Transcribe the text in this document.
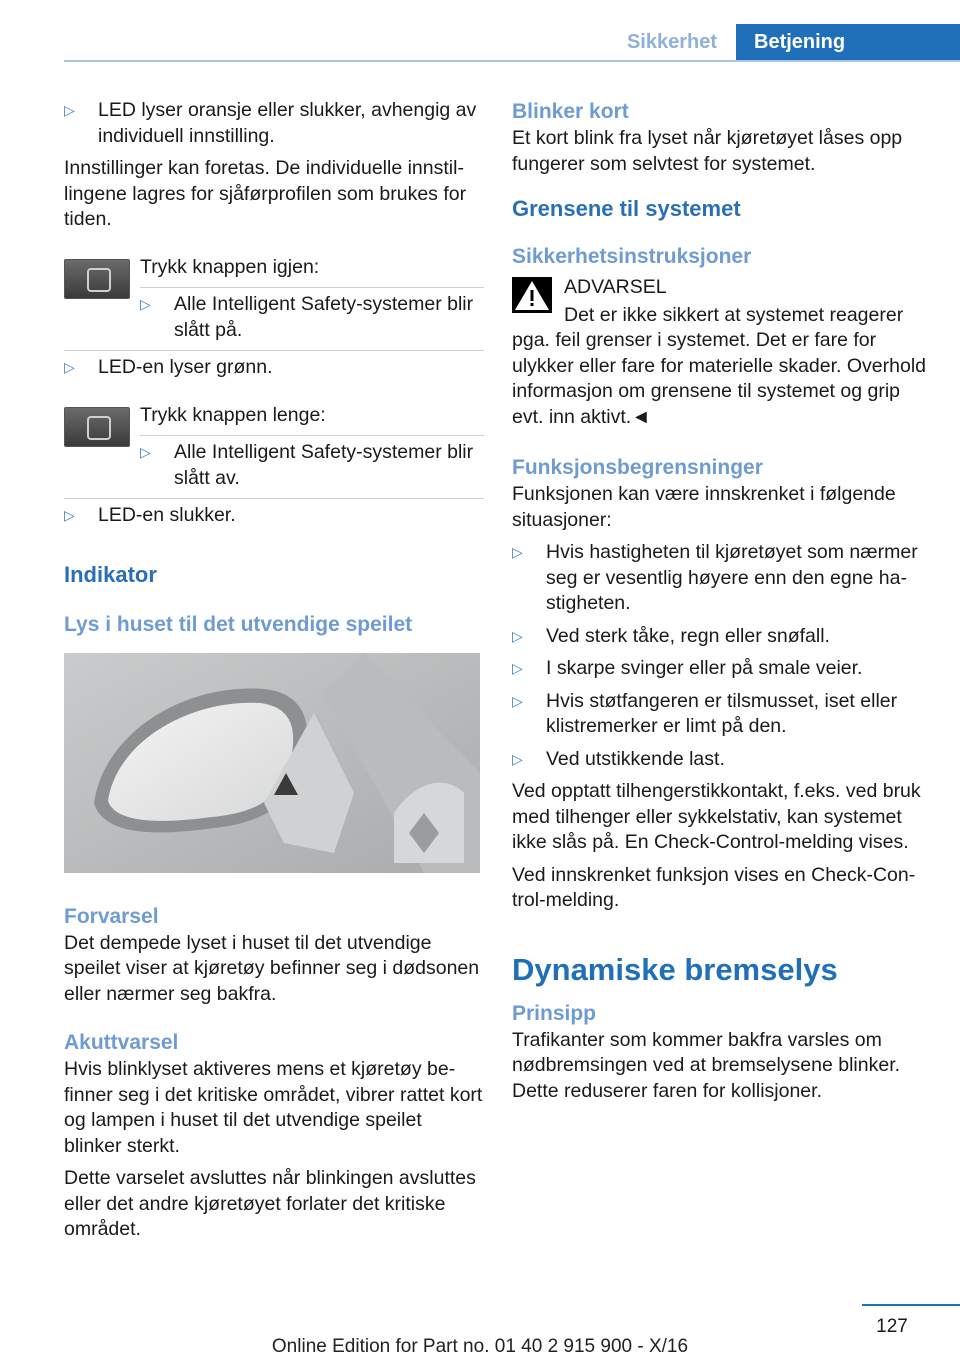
Sikkerhet	Betjening
▷ LED lyser oransje eller slukker, avhengig av individuell innstilling.

Innstillinger kan foretas. De individuelle innstillingene lagres for sjåførprofilen som brukes for tiden.

Trykk knappen igjen:

▷ Alle Intelligent Safety-systemer blir slått på.
▷ LED-en lyser grønn.

Trykk knappen lenge:

▷ Alle Intelligent Safety-systemer blir slått av.
▷ LED-en slukker.
Indikator
Lys i huset til det utvendige speilet
Forvarsel

Det dempede lyset i huset til det utvendige speilet viser at kjøretøy befinner seg i dødsonen eller nærmer seg bakfra.

Akuttvarsel

Hvis blinklyset aktiveres mens et kjøretøy befinner seg i det kritiske området, vibrer rattet kort og lampen i huset til det utvendige speilet blinker sterkt.

Dette varselet avsluttes når blinkingen avsluttes eller det andre kjøretøyet forlater det kritiske området.

Blinker kort

Et kort blink fra lyset når kjøretøyet låses opp fungerer som selvtest for systemet.

Grensene til systemet
Sikkerhetsinstruksjoner

ADVARSEL

Det er ikke sikkert at systemet reagerer

pga. feil grenser i systemet. Det er fare for ulykker eller fare for materielle skader. Overhold informasjon om grensene til systemet og grip evt. inn aktivt.◄

Funksjonsbegrensninger

Funksjonen kan være innskrenket i følgende situasjoner:

▷ Hvis hastigheten til kjøretøyet som nærmer seg er vesentlig høyere enn den egne hastigheten.
▷ Ved sterk tåke, regn eller snøfall.
▷ I skarpe svinger eller på smale veier.
▷ Hvis støtfangeren er tilsmusset, iset eller klistremerker er limt på den.
▷ Ved utstikkende last.

Ved opptatt tilhengerstikkontakt, f.eks. ved bruk med tilhenger eller sykkelstativ, kan systemet ikke slås på. En Check-Control-melding vises.

Ved innskrenket funksjon vises en Check-Control-melding.

Dynamiske bremselys
Prinsipp

Trafikanter som kommer bakfra varsles om nødbremsingen ved at bremselysene blinker. Dette reduserer faren for kollisjoner.

127
Online Edition for Part no. 01 40 2 915 900 - X/16
